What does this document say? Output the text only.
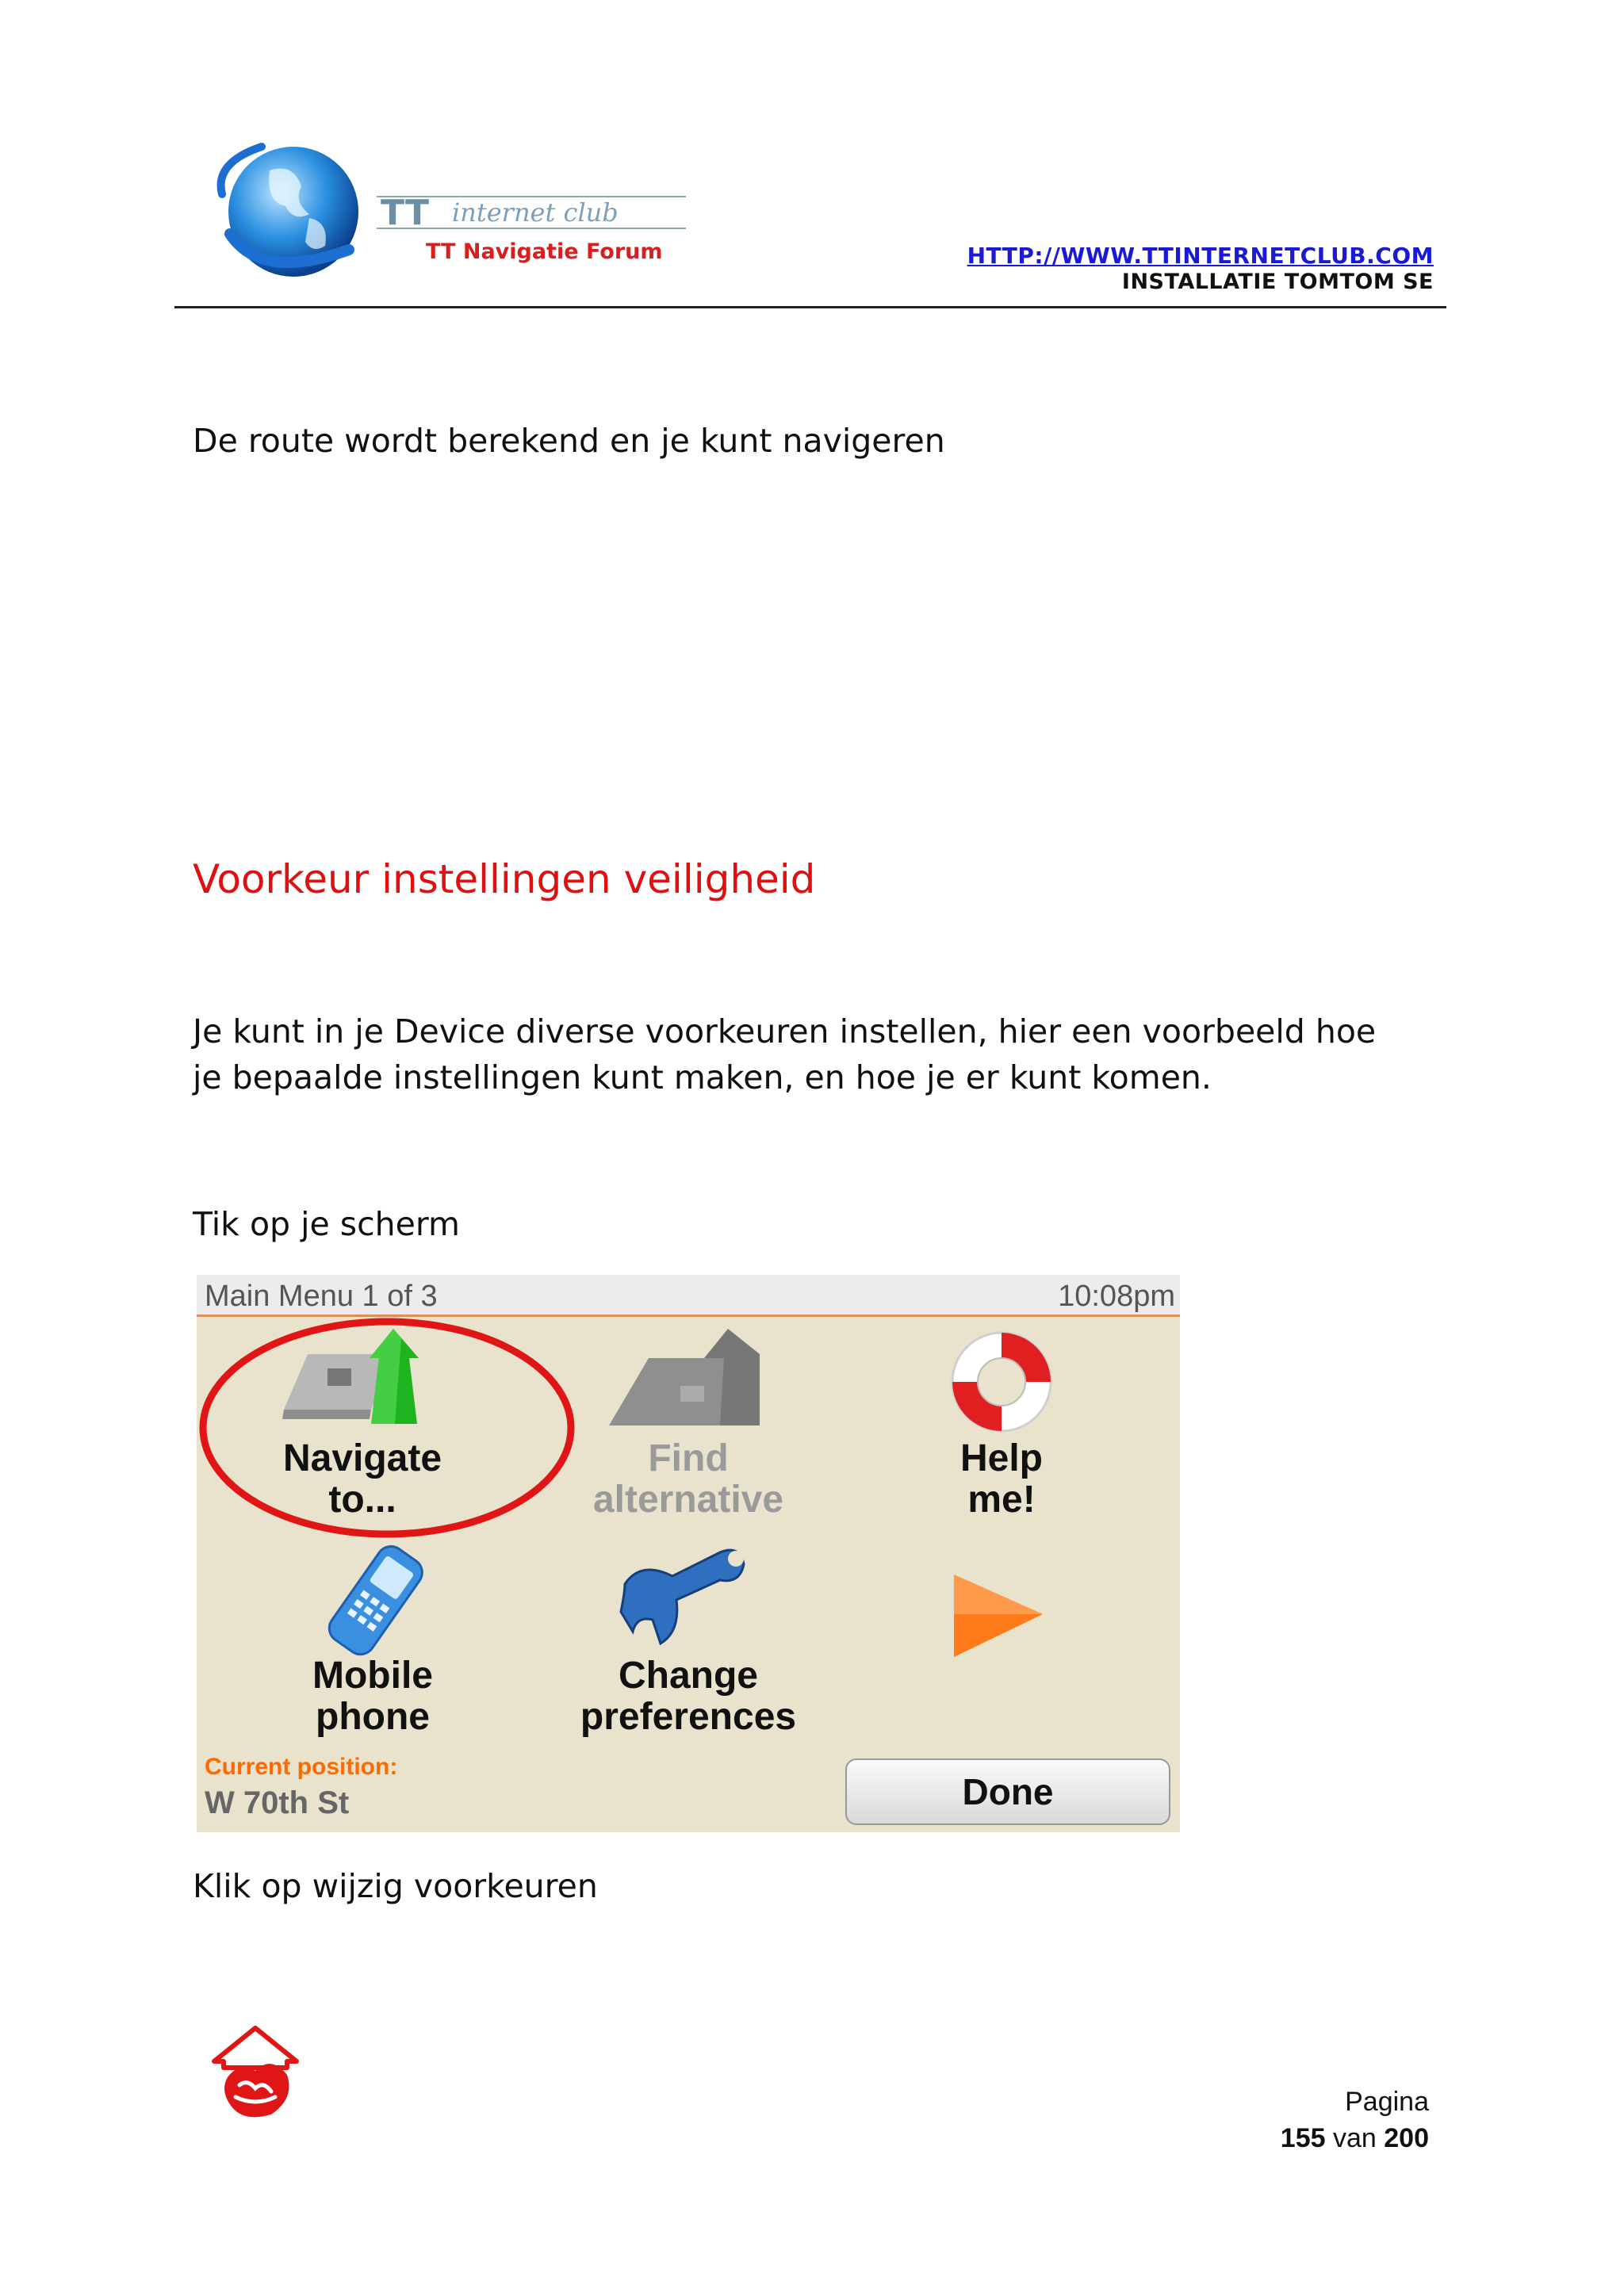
TT internet club
TT Navigatie Forum	HTTP://WWW.TTINTERNETCLUB.COM
INSTALLATIE TOMTOM SE
De route wordt berekend en je kunt navigeren
Voorkeur instellingen veiligheid
Je kunt in je Device diverse voorkeuren instellen, hier een voorbeeld hoe
je bepaalde instellingen kunt maken, en hoe je er kunt komen.
Tik op je scherm
Main Menu 1 of 3	10:08pm
Navigate
to...
Find
alternative
Help
me!
Mobile
phone
Change
preferences
Current position:
W 70th St	Done
Klik op wijzig voorkeuren
Pagina
155 van 200
